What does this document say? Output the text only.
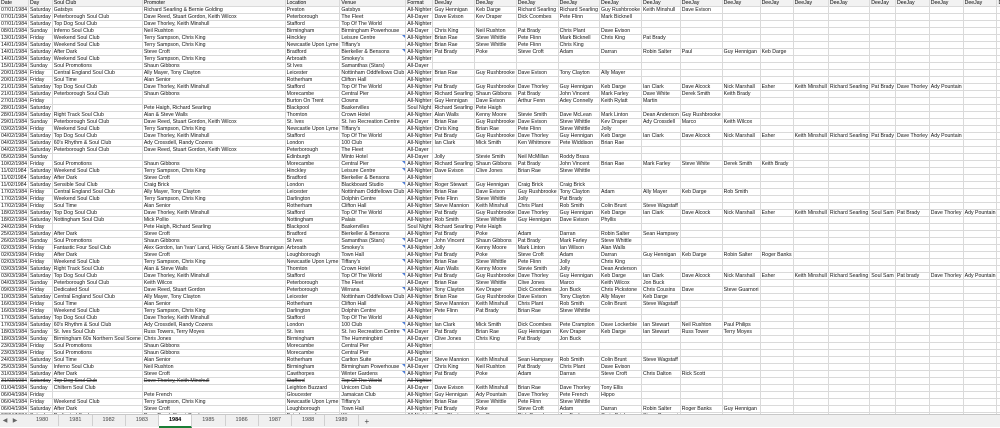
Date	Day	Soul Club	Promoter	Location	Venue	Format	DeeJay	DeeJay	DeeJay	DeeJay	DeeJay	DeeJay	DeeJay	DeeJay	DeeJay	DeeJay	DeeJay	DeeJay	DeeJay	DeeJay	DeeJay				
07/01/1984	Saturday	Gatsbys	Richard Searling & Bernie Golding	Preston	Gatsbys	All-Nighter	Guy Hennigan	Keb Darge	Richard Searling	Richard Searling	Guy Rushbrooke	Keith Minshull	Dave Evison												
07/01/1984	Saturday	Peterborough Soul Club	Dave Reed, Stuart Gordon, Keith Wilcox	Peterborough	The Fleet	All-Dayer	Dave Evison	Kev Draper	Dick Coombes	Pete Flinn	Mark Bicknell														
07/01/1984	Saturday	Top Dog Soul Club	Dave Thorley, Keith Minshull	Stafford	Top Of The World	All-Nighter																			
08/01/1984	Sunday	Inferno Soul Club	Neil Rushton	Birmingham	Birmingham Powerhouse	All-Dayer	Chris King	Neil Rushton	Pat Brady	Chris Plant	Dave Evison														
13/01/1984	Friday	Weekend Soul Club	Terry Sampson, Chris King	Hinckley	Leisure Centre	All-Nighter	Brian Rae	Steve Whittle	Pete Flinn	Mark Bicknell	Chris King	Pat Brady													
14/01/1984	Saturday	Weekend Soul Club	Terry Sampson, Chris King	Newcastle Upon Lyme	Tiffany's	All-Nighter	Brian Rae	Steve Whittle	Pete Flinn	Chris King															
14/01/1984	Saturday	After Dark	Steve Croft	Bradford	Bierkeller & Bensons	All-Nighter	Pat Brady	Poke	Steve Croft	Adam	Darran	Robin Salter	Paul	Guy Hennigan	Keb Darge										
14/01/1984	Saturday	Weekend Soul Club	Terry Sampson, Chris King	Arbroath	Smokey's	All-Nighter																			
15/01/1984	Sunday	Soul Promotions	Shaun Gibbons	St Ives	Samanthas (Stars)	All-Dayer																			
20/01/1984	Friday	Central England Soul Club	Ally Mayer, Tony Clayton	Leicester	Nottinham Oddfellows Club	All-Nighter	Brian Rae	Guy Rushbrooke	Dave Evison	Tony Clayton	Ally Mayer														
20/01/1984	Friday	Soul Time	Alan Senior	Rotherham	Clifton Hall	All-Nighter																			
21/01/1984	Saturday	Top Dog Soul Club	Dave Thorley, Keith Minshull	Stafford	Top Of The World	All-Nighter	Pat Brady	Guy Rushbrooke	Dave Thorley	Guy Hennigan	Keb Darge	Ian Clark	Dave Alcock	Nick Marshall	Esher	Keith Minshull	Richard Searling	Pat Brady	Dave Thorley	Ady Pountain					
21/01/1984	Saturday	Peterborough Soul Club	Shaun Gibbons	Morecambe	Central Pier	All-Nighter	Richard Searling	Shaun Gibbons	Pat Brady	John Vincent	Mark Farley	Dave White	Derek Smith	Keith Brady											
27/01/1984	Friday			Burton On Trent	Clowns	All-Nighter	Guy Hennigan	Dave Evison	Arthur Fenn	Adey Connelly	Keith Rylatt	Martin													
28/01/1984	Saturday		Pete Haigh, Richard Searling	Blackpool	Baskervilles	Soul Night	Richard Searling	Pete Haigh																	
28/01/1984	Saturday	Right Track Soul Club	Alan & Steve Walls	Thornton	Crown Hotel	All-Nighter	Alan Walls	Kenny Moore	Stevie Smith	Dave McLean	Mark Linton	Dean Anderson	Guy Rushbrooke												
29/01/1984	Sunday	Peterborough Soul Club	Dave Reed, Stuart Gordon, Keith Wilcox	St. Ives	St. Ivo Recreation Centre	All-Dayer	Brian Rae	Guy Rushbrooke	Dave Evison	Steve Whittle	Kev Draper	Ady Crossdell	Marco	Keith Wilcox											
03/02/1984	Friday	Weekend Soul Club	Terry Sampson, Chris King	Newcastle Upon Lyme	Tiffany's	All-Nighter	Chris King	Brian Rae	Pete Flinn	Steve Whittle	Jolly														
04/02/1984	Saturday	Top Dog Soul Club	Dave Thorley, Keith Minshull	Stafford	Top Of The World	All-Nighter	Pat Brady	Guy Rushbrooke	Dave Thorley	Guy Hennigan	Keb Darge	Ian Clark	Dave Alcock	Nick Marshall	Esher	Keith Minshull	Richard Searling	Pat Brady	Dave Thorley	Ady Pountain					
04/02/1984	Saturday	60's Rhythm & Soul Club	Ady Crossdell, Randy Cozens	London	100 Club	All-Nighter	Ian Clark	Mick Smith	Ken Whitmore	Pete Widdison	Brian Rae														
04/02/1984	Saturday	Peterborough Soul Club	Dave Reed, Stuart Gordon, Keith Wilcox	Peterborough	The Fleet	All-Dayer																			
05/02/1984	Sunday			Edinburgh	Minto Hotel	All-Dayer	Jolly	Stevie Smith	Neil McMillan	Roddy Brass															
10/02/1984	Friday	Soul Promotions	Shaun Gibbons	Morecambe	Central Pier	All-Nighter	Richard Searling	Shaun Gibbons	Pat Brady	John Vincent	Brian Rae	Mark Farley	Steve White	Derek Smith	Keith Brady										
11/02/1984	Saturday	Weekend Soul Club	Terry Sampson, Chris King	Hinckley	Leisure Centre	All-Nighter	Dave Evison	Clive Jones	Brian Rae	Steve Whittle															
11/02/1984	Saturday	After Dark	Steve Croft	Bradford	Bierkeller & Bensons	All-Nighter																			
11/02/1984	Saturday	Sensible Soul Club	Craig Brick	London	Blackboard Studio	All-Nighter	Roger Stewart	Guy Hennigan	Craig Brick	Craig Brick															
17/02/1984	Friday	Central England Soul Club	Ally Mayer, Tony Clayton	Leicester	Nottinham Oddfellows Club	All-Nighter	Brian Rae	Dave Evison	Guy Rushbrooke	Tony Clayton	Adam	Ally Mayer	Keb Darge	Rob Smith											
17/02/1984	Friday	Weekend Soul Club	Terry Sampson, Chris King	Darlington	Dolphin Centre	All-Nighter	Pete Flinn	Steve Whittle	Jolly	Pat Brady															
17/02/1984	Friday	Soul Time	Alan Senior	Rotherham	Clifton Hall	All-Nighter	Steve Mannion	Keith Minshull	Chris Plant	Rob Smith	Colin Brunt	Steve Wagstaff													
18/02/1984	Saturday	Top Dog Soul Club	Dave Thorley, Keith Minshull	Stafford	Top Of The World	All-Nighter	Pat Brady	Guy Rushbrooke	Dave Thorley	Guy Hennigan	Keb Darge	Ian Clark	Dave Alcock	Nick Marshall	Esher	Keith Minshull	Richard Searling	Soul Sam	Pat Brady	Dave Thorley	Ady Pountain				
18/02/1984	Saturday	Nottingham Soul Club	Mick Pollio	Nottingham	Palais	All-Nighter	Rob Smith	Steve Whittle	Guy Hennigan	Dave Evison	Phyllis														
24/02/1984	Friday		Pete Haigh, Richard Searling	Blackpool	Baskervilles	Soul Night	Richard Searling	Pete Haigh																	
25/02/1984	Saturday	After Dark	Steve Croft	Bradford	Bierkeller & Bensons	All-Nighter	Pat Brady	Poke	Adam	Darran	Robin Salter	Sean Hampsey													
26/02/1984	Sunday	Soul Promotions	Shaun Gibbons	St Ives	Samanthas (Stars)	All-Dayer	John Vincent	Shaun Gibbons	Pat Brady	Mark Farley	Steve Whittle														
02/03/1984	Friday	Fantastic Four Soul Club	Alex Gordon, Ian 'Ivan' Land, Hicky Grant & Steve Brannigan	Arbroath	Smokey's	All-Nighter	Jolly	Kenny Moore	Mark Linton	Ian Wilson	Alan Walls														
02/03/1984	Friday	After Dark	Steve Croft	Loughborough	Town Hall	All-Nighter	Pat Brady	Poke	Steve Croft	Adam	Darran	Guy Hennigan	Keb Darge	Robin Salter	Roger Banks										
02/03/1984	Friday	Weekend Soul Club	Terry Sampson, Chris King	Newcastle Upon Lyme	Tiffany's	All-Nighter	Brian Rae	Steve Whittle	Pete Flinn	Jolly	Chris King														
03/03/1984	Saturday	Right Track Soul Club	Alan & Steve Walls	Thornton	Crown Hotel	All-Nighter	Alan Walls	Kenny Moore	Stevie Smith	Jolly	Dean Anderson														
03/03/1984	Saturday	Top Dog Soul Club	Dave Thorley, Keith Minshull	Stafford	Top Of The World	All-Nighter	Pat Brady	Guy Rushbrooke	Dave Thorley	Guy Hennigan	Keb Darge	Ian Clark	Dave Alcock	Nick Marshall	Esher	Keith Minshull	Richard Searling	Soul Sam	Pat brady	Dave Thorley	Ady Pountain				
04/03/1984	Sunday	Peterborough Soul Club	Keith Wilcox	Peterborough	The Fleet	All-Dayer	Brian Rae	Steve Whittle	Clive Jones	Marco	Keith Wilcox	Jon Buck													
09/03/1984	Friday	Dedicated Soul	Dave Reed, Stuart Gordon	Peterborough	Wirrana	All-Nighter	Tony Clayton	Kev Draper	Dick Coombes	Jon Buck	Chris Pickstone	Chris Cousins	Dave	Steve Guarnori											
10/03/1984	Saturday	Central England Soul Club	Ally Mayer, Tony Clayton	Leicester	Nottinham Oddfellows Club	All-Nighter	Brian Rae	Guy Rushbrooke	Dave Evison	Tony Clayton	Ally Mayer	Keb Darge													
16/03/1984	Friday	Soul Time	Alan Senior	Rotherham	Clifton Hall	All-Nighter	Steve Mannion	Keith Minshull	Chris Plant	Rob Smith	Colin Brunt	Steve Wagstaff													
16/03/1984	Friday	Weekend Soul Club	Terry Sampson, Chris King	Darlington	Dolphin Centre	All-Nighter	Pete Flinn	Pat Brady	Brian Rae	Steve Whittle															
17/03/1984	Saturday	Top Dog Soul Club	Dave Thorley, Keith Minshull	Stafford	Top Of The World	All-Nighter																			
17/03/1984	Saturday	60's Rhythm & Soul Club	Ady Crossdell, Randy Cozens	London	100 Club	All-Nighter	Ian Clark	Mick Smith	Dick Coombes	Pete Crampton	Dave Lockerbie	Ian Stewart	Neil Rushton	Paul Philips											
18/03/1984	Sunday	St. Ives Soul Club	Russ Towers, Terry Moyes	St. Ives	St. Ivo Recreation Centre	All-Dayer	Pat Brady	Brian Rae	Guy Hennigan	Kev Draper	Keb Darge	Ian Stewart	Russ Tower	Terry Moyes											
18/03/1984	Sunday	Birmingham 60s Northern Soul Scene	Chris Jones	Birmingham	The Hummingbird	All-Dayer	Clive Jones	Chris King	Pat Brady	Jon Buck															
23/03/1984	Friday	Soul Promotions	Shaun Gibbons	Morecambe	Central Pier	All-Nighter																			
23/03/1984	Friday	Soul Promotions	Shaun Gibbons	Morecambe	Central Pier	All-Nighter																			
24/03/1984	Saturday	Soul Time	Alan Senior	Rotherham	Carlton Suite	All-Dayer	Steve Mannion	Keith Minshull	Sean Hampsey	Rob Smith	Colin Brunt	Steve Wagstaff													
25/03/1984	Sunday	Inferno Soul Club	Neil Rushton	Birmingham	Birmingham Powerhouse	All-Dayer	Chris King	Neil Rushton	Pat Brady	Chris Plant	Dave Evison														
31/03/1984	Saturday	After Dark	Steve Croft	Cawthorpes	Winter Gardens	All-Nighter	Pat Brady	Poke	Adam	Darran	Steve Croft	Chris Dalton	Rick Scott												
31/03/1984	Saturday	Top Dog Soul Club	Dave Thorley, Keith Minshull	Stafford	Top Of The World	All-Nighter																			
01/04/1984	Sunday	Chiltern Soul Club		Leighton Buzzard	Unicorn Club	All-Dayer	Dave Evison	Keith Minshull	Brian Rae	Dave Thorley	Tony Ellis														
06/04/1984	Friday		Pete French	Gloucester	Jamaican Club	All-Nighter	Guy Hennigan	Ady Pountain	Dave Thorley	Pete French	Hippo														
06/04/1984	Friday	Weekend Soul Club	Terry Sampson, Chris King	Newcastle Upon Lyme	Tiffany's	All-Nighter	Brian Rae	Steve Whittle	Pete Flinn	Steve Whittle															
06/04/1984	Saturday	After Dark	Steve Croft	Loughborough	Town Hall	All-Nighter	Pat Brady	Poke	Steve Croft	Adam	Darran	Robin Salter	Roger Banks	Guy Hennigan											

◀ ▶	1980	1981	1982	1983	1984	1985	1986	1987	1988	1989	+
